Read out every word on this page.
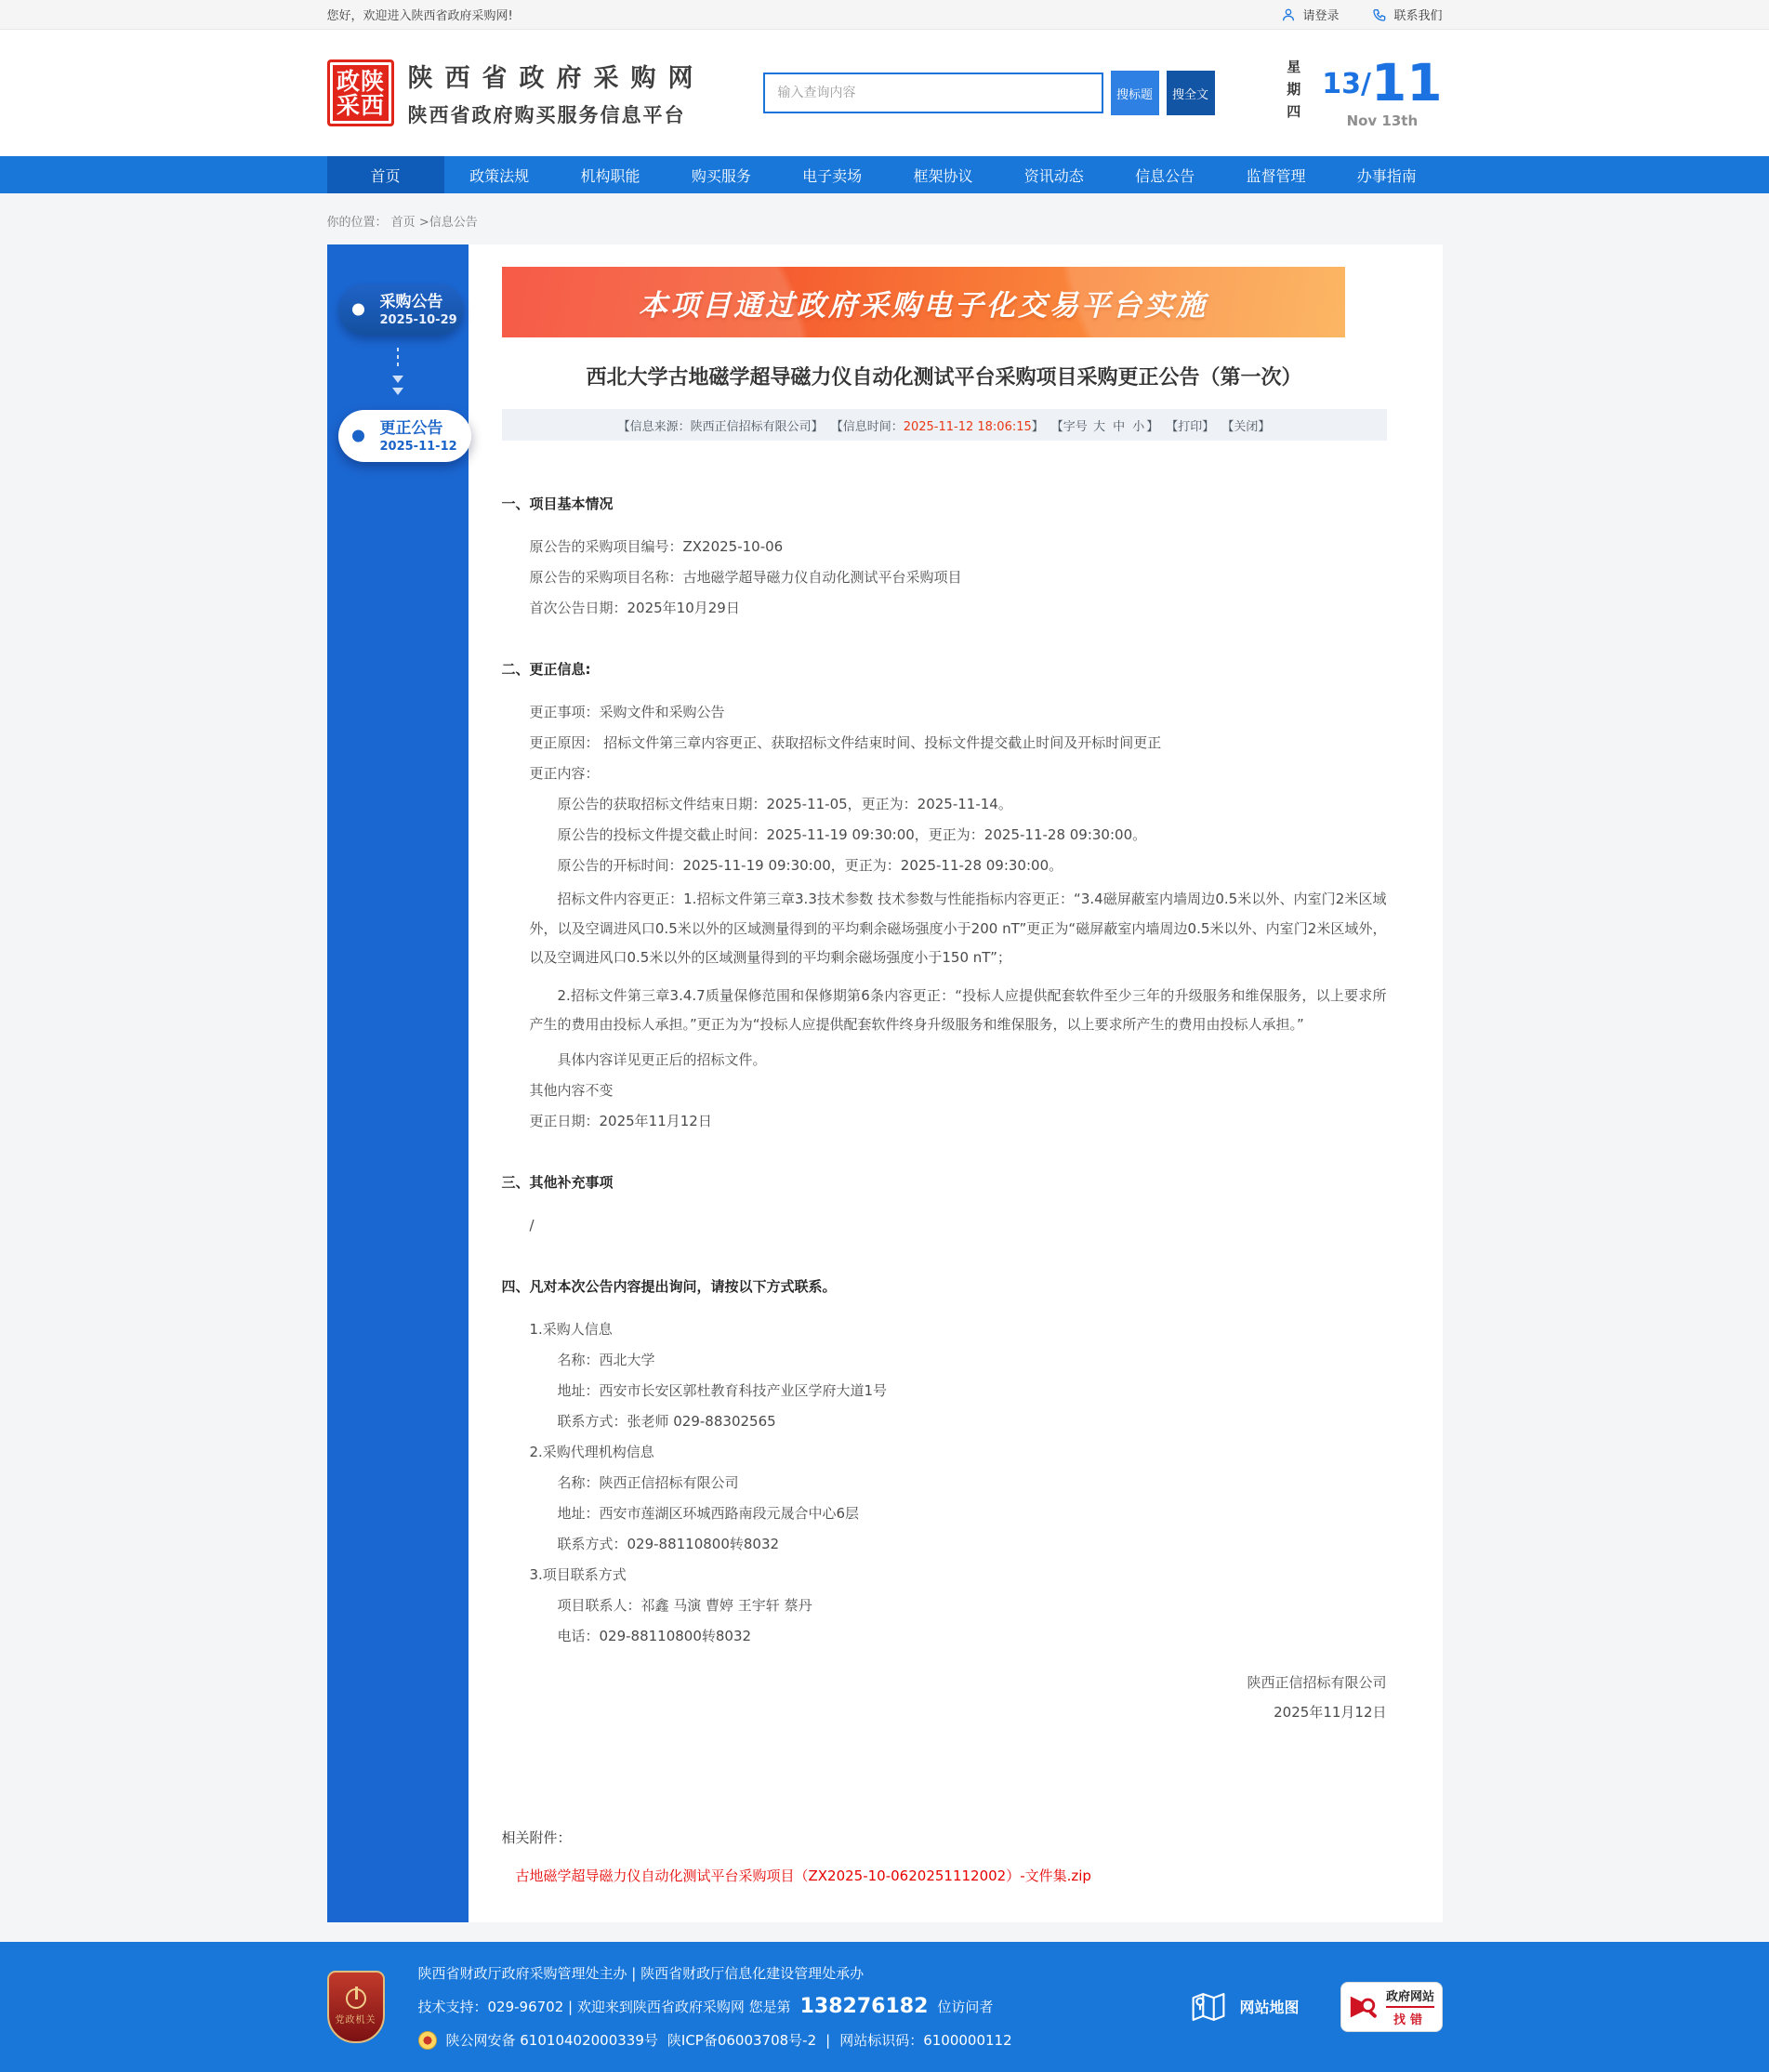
您好，欢迎进入陕西省政府采购网!	请登录	联系我们
政 陕
采 西
陕西省政府采购网
陕西省政府购买服务信息平台
输入查询内容
搜标题	搜全文	13/11
星期四	Nov 13th
首页	政策法规	机构职能	购买服务	电子卖场	框架协议	资讯动态	信息公告	监督管理	办事指南
你的位置： 首页 >信息公告
采购公告
2025-10-29
更正公告
2025-11-12
本项目通过政府采购电子化交易平台实施
西北大学古地磁学超导磁力仪自动化测试平台采购项目采购更正公告（第一次）
【信息来源：陕西正信招标有限公司】 【信息时间：2025-11-12 18:06:15】 【字号 大 中 小 】 【打印】 【关闭】

一、项目基本情况

原公告的采购项目编号：ZX2025-10-06

原公告的采购项目名称：古地磁学超导磁力仪自动化测试平台采购项目

首次公告日期：2025年10月29日

二、更正信息:

更正事项：采购文件和采购公告

更正原因： 招标文件第三章内容更正、获取招标文件结束时间、投标文件提交截止时间及开标时间更正

更正内容：

原公告的获取招标文件结束日期：2025-11-05，更正为：2025-11-14。

原公告的投标文件提交截止时间：2025-11-19 09:30:00，更正为：2025-11-28 09:30:00。

原公告的开标时间：2025-11-19 09:30:00，更正为：2025-11-28 09:30:00。

招标文件内容更正：1.招标文件第三章3.3技术参数 技术参数与性能指标内容更正：“3.4磁屏蔽室内墙周边0.5米以外、内室门2米区域外，以及空调进风口0.5米以外的区域测量得到的平均剩余磁场强度小于200 nT”更正为“磁屏蔽室内墙周边0.5米以外、内室门2米区域外，以及空调进风口0.5米以外的区域测量得到的平均剩余磁场强度小于150 nT”；

2.招标文件第三章3.4.7质量保修范围和保修期第6条内容更正：“投标人应提供配套软件至少三年的升级服务和维保服务，以上要求所产生的费用由投标人承担。”更正为为“投标人应提供配套软件终身升级服务和维保服务，以上要求所产生的费用由投标人承担。”

具体内容详见更正后的招标文件。

其他内容不变

更正日期：2025年11月12日

三、其他补充事项

/

四、凡对本次公告内容提出询问，请按以下方式联系。

1.采购人信息

名称：西北大学

地址：西安市长安区郭杜教育科技产业区学府大道1号

联系方式：张老师 029-88302565

2.采购代理机构信息

名称：陕西正信招标有限公司

地址：西安市莲湖区环城西路南段元晟合中心6层

联系方式：029-88110800转8032

3.项目联系方式

项目联系人：祁鑫 马演 曹婷 王宇轩 蔡丹

电话：029-88110800转8032

陕西正信招标有限公司

2025年11月12日

相关附件：
古地磁学超导磁力仪自动化测试平台采购项目（ZX2025-10-0620251112002）-文件集.zip
党政机关
陕西省财政厅政府采购管理处主办 | 陕西省财政厅信息化建设管理处承办
技术支持：029-96702 | 欢迎来到陕西省政府采购网 您是第 138276182 位访问者
陕公网安备 61010402000339号 陕ICP备06003708号-2 | 网站标识码：6100000112
网站地图
政府网站
找错
